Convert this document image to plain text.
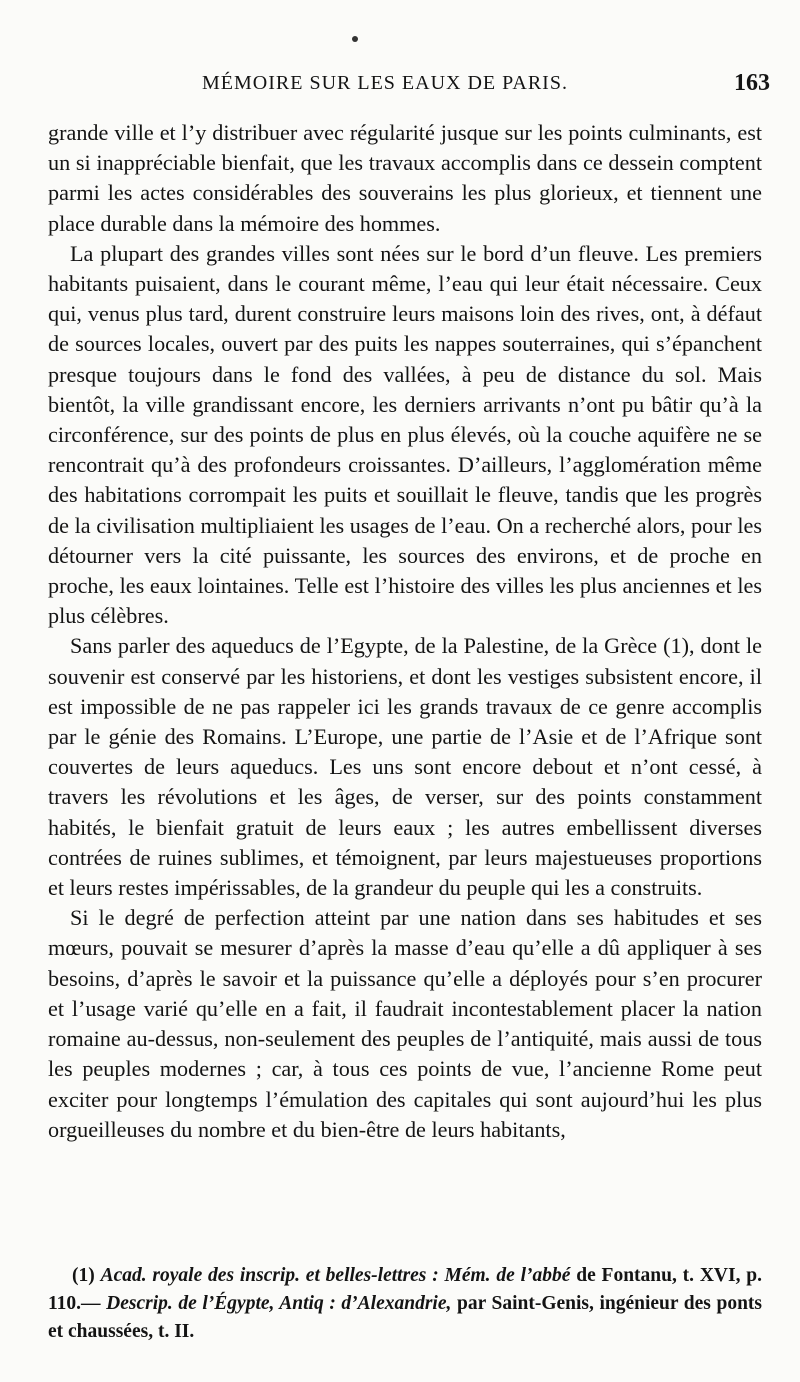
MÉMOIRE SUR LES EAUX DE PARIS.	163

grande ville et l’y distribuer avec régularité jusque sur les points culminants, est un si inappréciable bienfait, que les travaux accomplis dans ce dessein comptent parmi les actes considérables des souverains les plus glorieux, et tiennent une place durable dans la mémoire des hommes.

La plupart des grandes villes sont nées sur le bord d’un fleuve. Les premiers habitants puisaient, dans le courant même, l’eau qui leur était nécessaire. Ceux qui, venus plus tard, durent construire leurs maisons loin des rives, ont, à défaut de sources locales, ouvert par des puits les nappes souterraines, qui s’épanchent presque toujours dans le fond des vallées, à peu de distance du sol. Mais bientôt, la ville grandissant encore, les derniers arrivants n’ont pu bâtir qu’à la circonférence, sur des points de plus en plus élevés, où la couche aquifère ne se rencontrait qu’à des profondeurs croissantes. D’ailleurs, l’agglomération même des habitations corrompait les puits et souillait le fleuve, tandis que les progrès de la civilisation multipliaient les usages de l’eau. On a recherché alors, pour les détourner vers la cité puissante, les sources des environs, et de proche en proche, les eaux lointaines. Telle est l’histoire des villes les plus anciennes et les plus célèbres.

Sans parler des aqueducs de l’Egypte, de la Palestine, de la Grèce (1), dont le souvenir est conservé par les historiens, et dont les vestiges subsistent encore, il est impossible de ne pas rappeler ici les grands travaux de ce genre accomplis par le génie des Romains. L’Europe, une partie de l’Asie et de l’Afrique sont couvertes de leurs aqueducs. Les uns sont encore debout et n’ont cessé, à travers les révolutions et les âges, de verser, sur des points constamment habités, le bienfait gratuit de leurs eaux ; les autres embellissent diverses contrées de ruines sublimes, et témoignent, par leurs majestueuses proportions et leurs restes impérissables, de la grandeur du peuple qui les a construits.

Si le degré de perfection atteint par une nation dans ses habitudes et ses mœurs, pouvait se mesurer d’après la masse d’eau qu’elle a dû appliquer à ses besoins, d’après le savoir et la puissance qu’elle a déployés pour s’en procurer et l’usage varié qu’elle en a fait, il faudrait incontestablement placer la nation romaine au-dessus, non-seulement des peuples de l’antiquité, mais aussi de tous les peuples modernes ; car, à tous ces points de vue, l’ancienne Rome peut exciter pour longtemps l’émulation des capitales qui sont aujourd’hui les plus orgueilleuses du nombre et du bien-être de leurs habitants,

(1) Acad. royale des inscrip. et belles-lettres : Mém. de l’abbé de Fontanu, t. XVI, p. 110.— Descrip. de l’Égypte, Antiq : d’Alexandrie, par Saint-Genis, ingénieur des ponts et chaussées, t. II.
